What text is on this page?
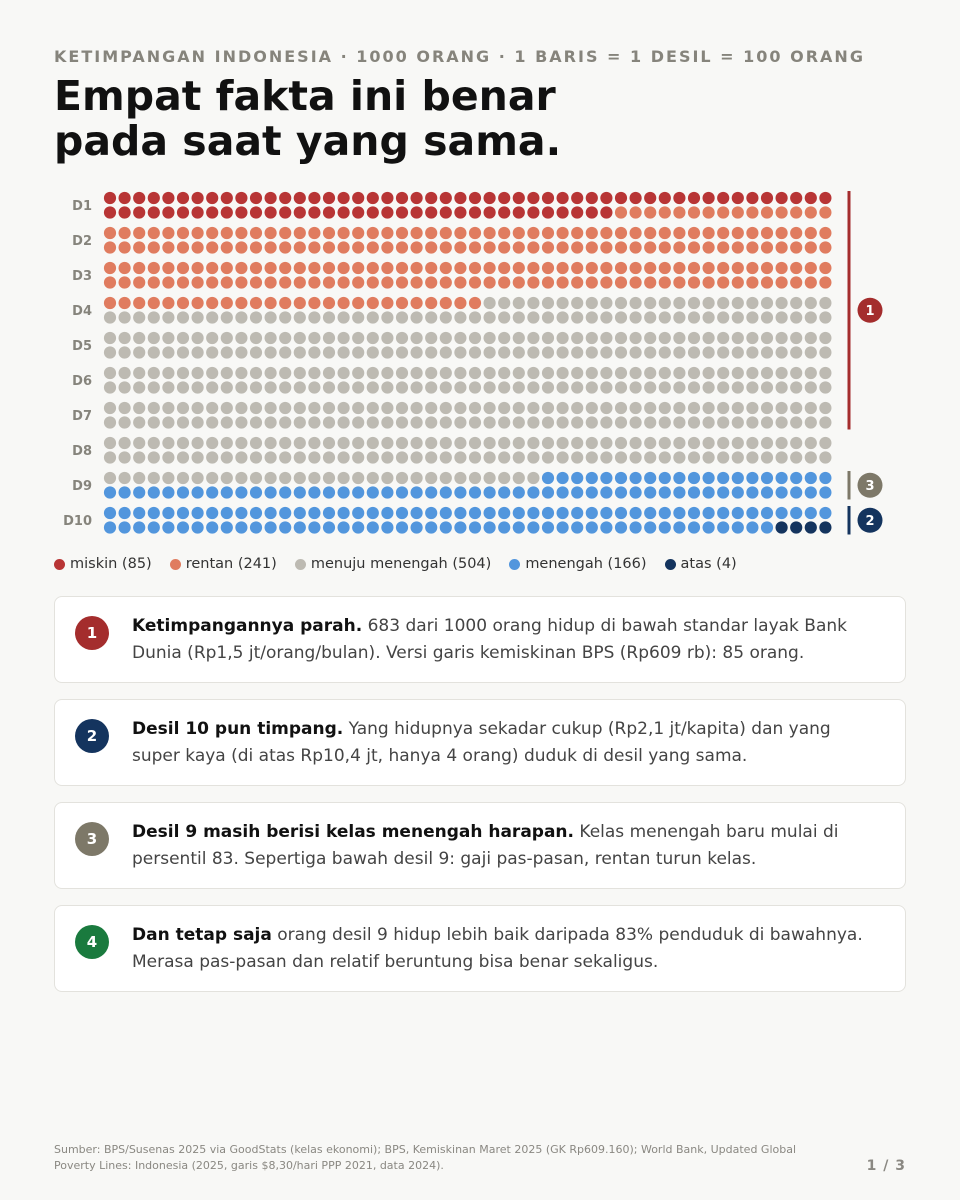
KETIMPANGAN INDONESIA · 1000 ORANG · 1 BARIS = 1 DESIL = 100 ORANG
Empat fakta ini benar
pada saat yang sama.
D1
D2
D3
D4
D5
D6
D7
D8
D9
D10
1
3
2
miskin (85) rentan (241) menuju menengah (504) menengah (166) atas (4)
1	Ketimpangannya parah. 683 dari 1000 orang hidup di bawah standar layak Bank Dunia (Rp1,5 jt/orang/bulan). Versi garis kemiskinan BPS (Rp609 rb): 85 orang.
2	Desil 10 pun timpang. Yang hidupnya sekadar cukup (Rp2,1 jt/kapita) dan yang super kaya (di atas Rp10,4 jt, hanya 4 orang) duduk di desil yang sama.
3	Desil 9 masih berisi kelas menengah harapan. Kelas menengah baru mulai di persentil 83. Sepertiga bawah desil 9: gaji pas-pasan, rentan turun kelas.
4	Dan tetap saja orang desil 9 hidup lebih baik daripada 83% penduduk di bawahnya. Merasa pas-pasan dan relatif beruntung bisa benar sekaligus.
Sumber: BPS/Susenas 2025 via GoodStats (kelas ekonomi); BPS, Kemiskinan Maret 2025 (GK Rp609.160); World Bank, Updated Global Poverty Lines: Indonesia (2025, garis $8,30/hari PPP 2021, data 2024).	1 / 3
